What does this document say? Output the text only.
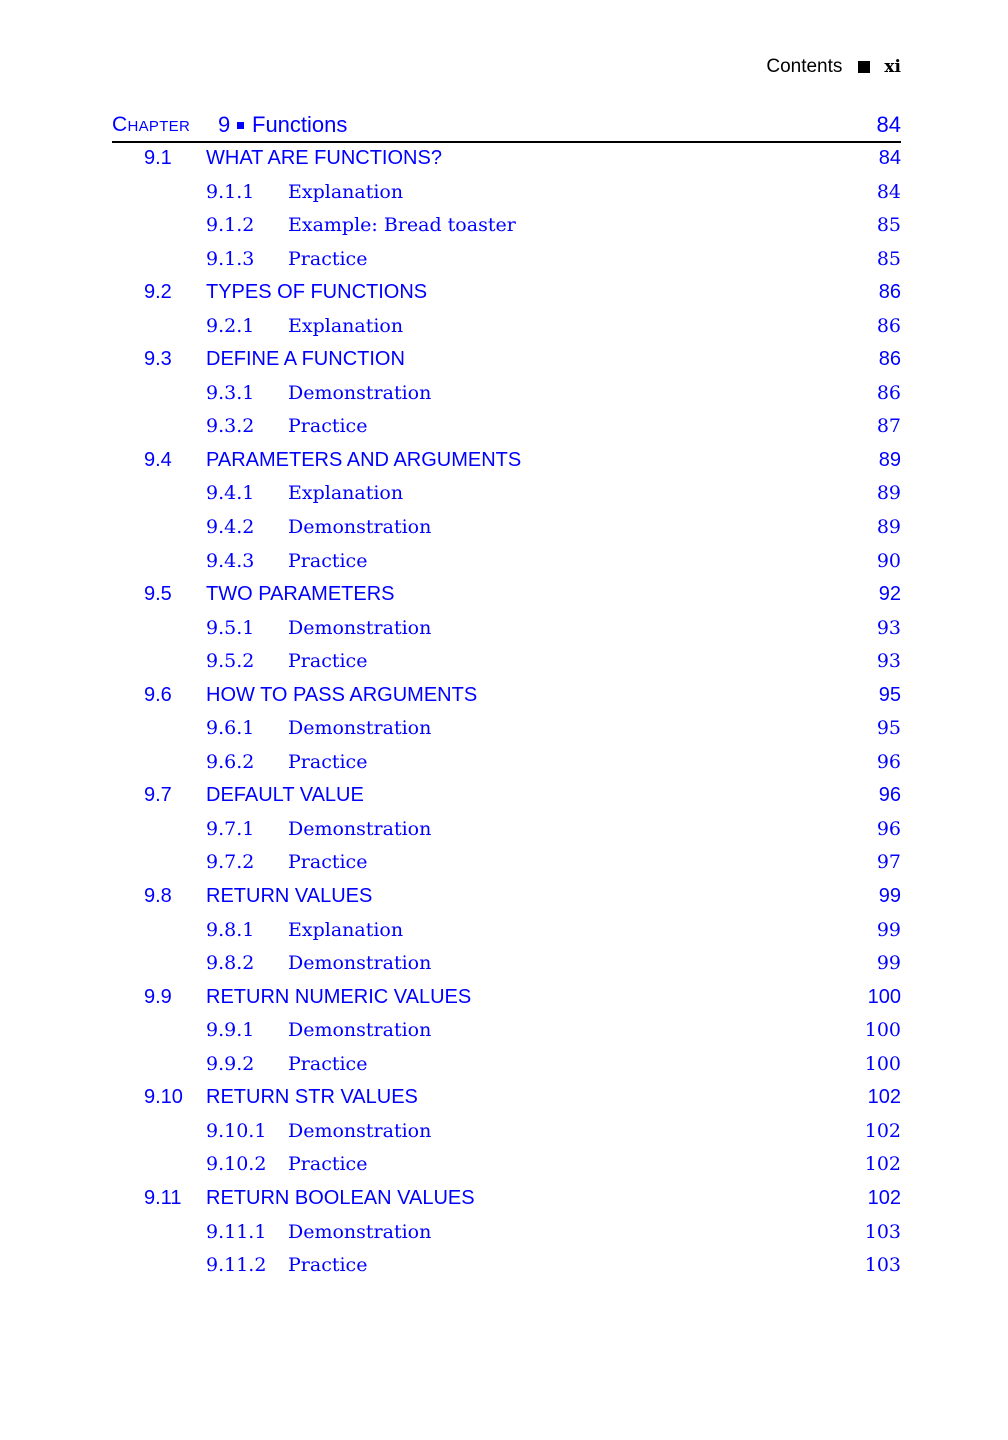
Contents xi
Chapter 9 Functions	84
9.1 WHAT ARE FUNCTIONS?	84
9.1.1 Explanation	84
9.1.2 Example: Bread toaster	85
9.1.3 Practice	85
9.2 TYPES OF FUNCTIONS	86
9.2.1 Explanation	86
9.3 DEFINE A FUNCTION	86
9.3.1 Demonstration	86
9.3.2 Practice	87
9.4 PARAMETERS AND ARGUMENTS	89
9.4.1 Explanation	89
9.4.2 Demonstration	89
9.4.3 Practice	90
9.5 TWO PARAMETERS	92
9.5.1 Demonstration	93
9.5.2 Practice	93
9.6 HOW TO PASS ARGUMENTS	95
9.6.1 Demonstration	95
9.6.2 Practice	96
9.7 DEFAULT VALUE	96
9.7.1 Demonstration	96
9.7.2 Practice	97
9.8 RETURN VALUES	99
9.8.1 Explanation	99
9.8.2 Demonstration	99
9.9 RETURN NUMERIC VALUES	100
9.9.1 Demonstration	100
9.9.2 Practice	100
9.10 RETURN STR VALUES	102
9.10.1 Demonstration	102
9.10.2 Practice	102
9.11 RETURN BOOLEAN VALUES	102
9.11.1 Demonstration	103
9.11.2 Practice	103
